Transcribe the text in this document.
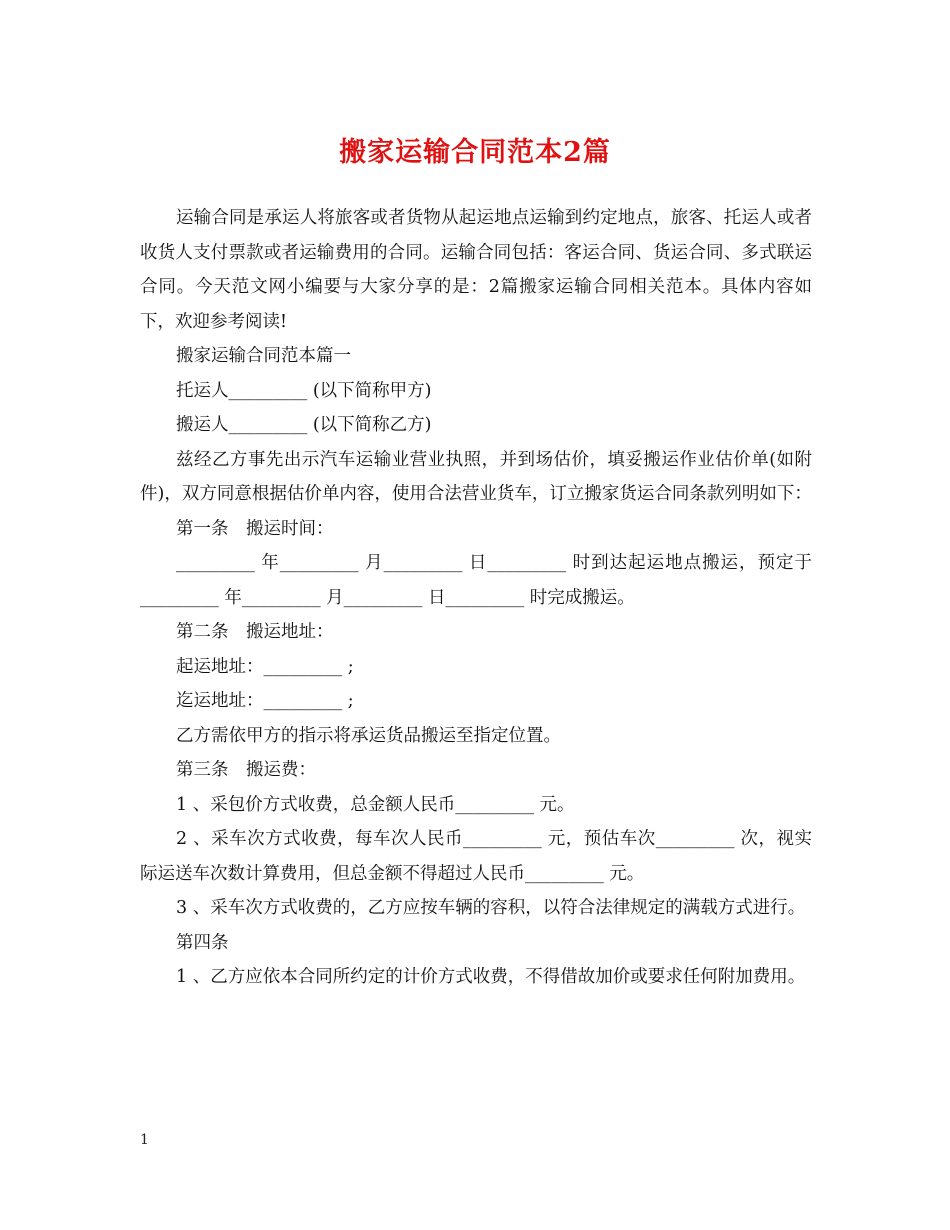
搬家运输合同范本2篇

运输合同是承运人将旅客或者货物从起运地点运输到约定地点，旅客、托运人或者收货人支付票款或者运输费用的合同。运输合同包括：客运合同、货运合同、多式联运合同。今天范文网小编要与大家分享的是：2篇搬家运输合同相关范本。具体内容如下，欢迎参考阅读!

搬家运输合同范本篇一

托运人_________ (以下简称甲方)

搬运人_________ (以下简称乙方)

兹经乙方事先出示汽车运输业营业执照，并到场估价，填妥搬运作业估价单(如附件)，双方同意根据估价单内容，使用合法营业货车，订立搬家货运合同条款列明如下：

第一条　搬运时间：

_________ 年_________ 月_________ 日_________ 时到达起运地点搬运，预定于_________ 年_________ 月_________ 日_________ 时完成搬运。

第二条　搬运地址：

起运地址：_________ ;

迄运地址：_________ ;

乙方需依甲方的指示将承运货品搬运至指定位置。

第三条　搬运费：

1 、采包价方式收费，总金额人民币_________ 元。

2 、采车次方式收费，每车次人民币_________ 元，预估车次_________ 次，视实际运送车次数计算费用，但总金额不得超过人民币_________ 元。

3 、采车次方式收费的，乙方应按车辆的容积，以符合法律规定的满载方式进行。

第四条

1 、乙方应依本合同所约定的计价方式收费，不得借故加价或要求任何附加费用。

1
